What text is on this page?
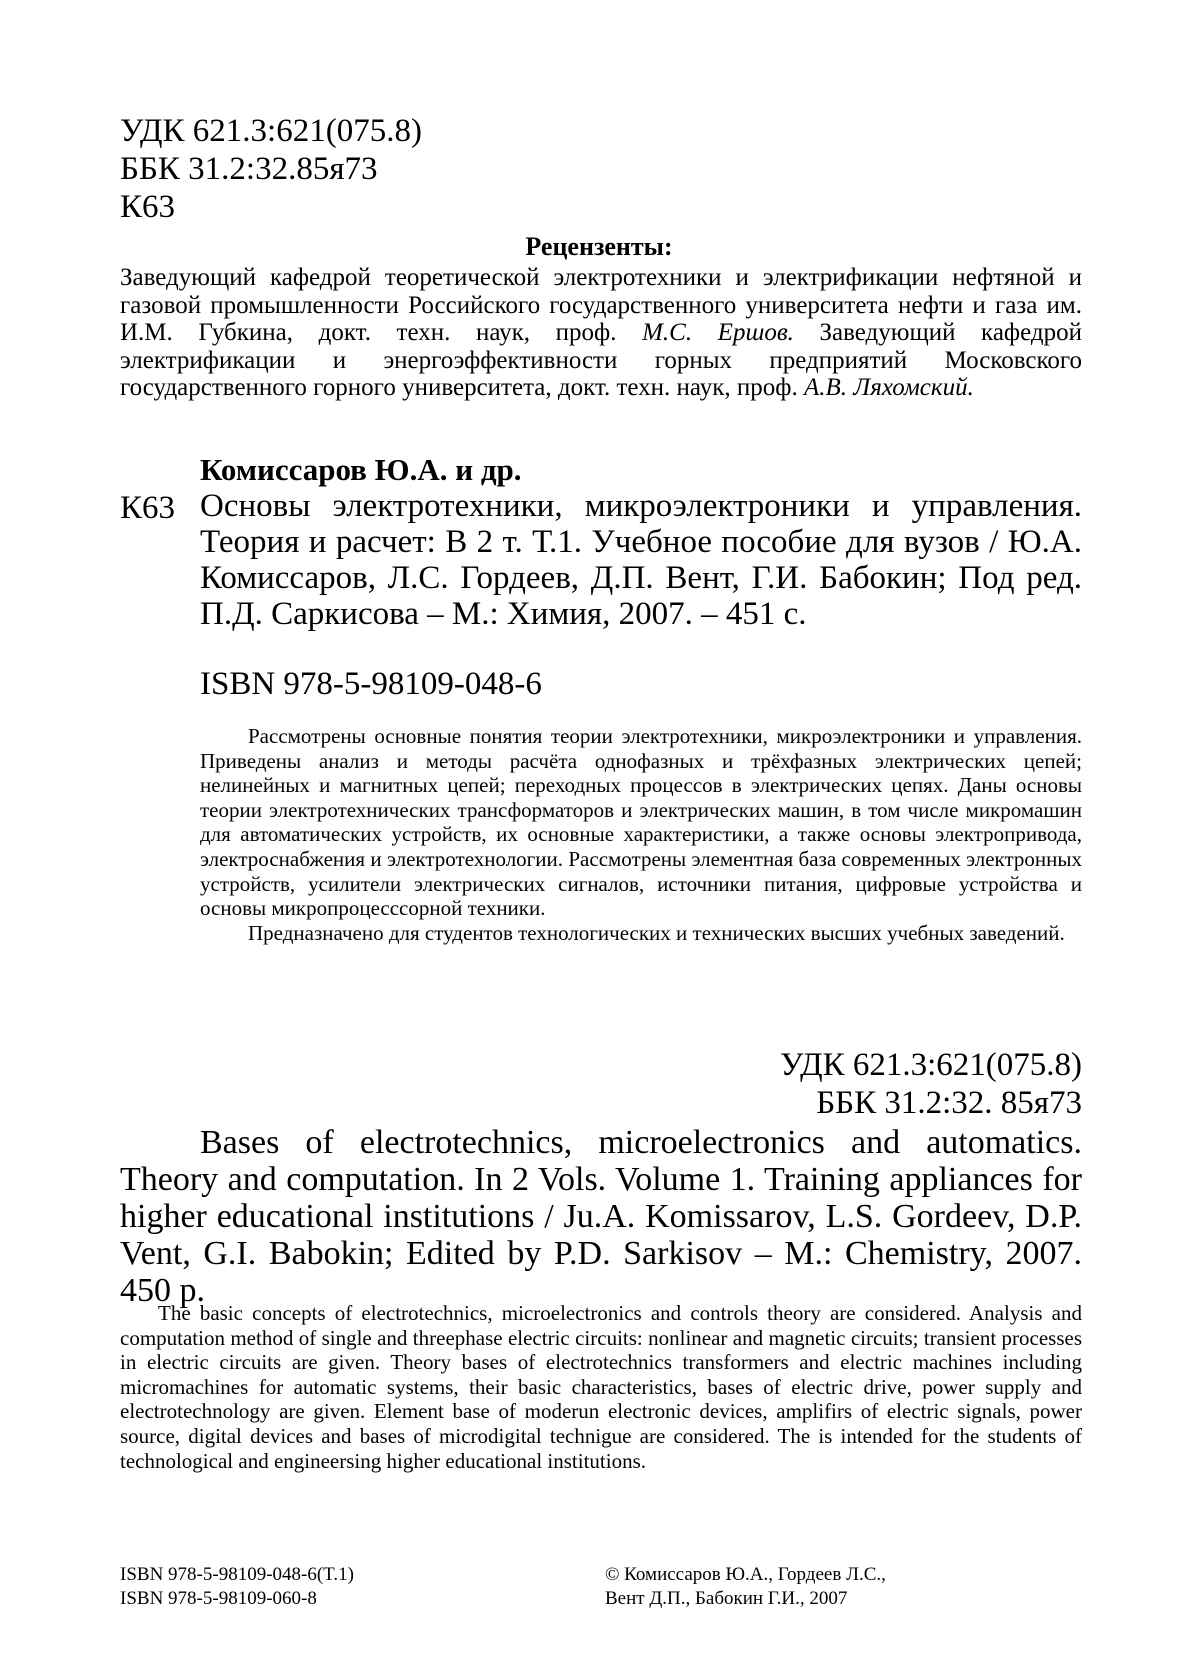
УДК 621.3:621(075.8)
ББК 31.2:32.85я73
К63
Рецензенты:
Заведующий кафедрой теоретической электротехники и электрификации нефтяной и газовой промышленности Российского государственного университета нефти и газа им. И.М. Губкина, докт. техн. наук, проф. М.С. Ершов. Заведующий кафедрой электрификации и энергоэффективности горных предприятий Московского государственного горного университета, докт. техн. наук, проф. А.В. Ляхомский.
Комиссаров Ю.А. и др.
К63 Основы электротехники, микроэлектроники и управления. Теория и расчет: В 2 т. Т.1. Учебное пособие для вузов / Ю.А. Комиссаров, Л.С. Гордеев, Д.П. Вент, Г.И. Бабокин; Под ред. П.Д. Саркисова – М.: Химия, 2007. – 451 с.
ISBN 978-5-98109-048-6

Рассмотрены основные понятия теории электротехники, микроэлектроники и управления. Приведены анализ и методы расчёта однофазных и трёхфазных электрических цепей; нелинейных и магнитных цепей; переходных процессов в электрических цепях. Даны основы теории электротехнических трансформаторов и электрических машин, в том числе микромашин для автоматических устройств, их основные характеристики, а также основы электропривода, электроснабжения и электротехнологии. Рассмотрены элементная база современных электронных устройств, усилители электрических сигналов, источники питания, цифровые устройства и основы микропроцесссорной техники.

Предназначено для студентов технологических и технических высших учебных заведений.

УДК 621.3:621(075.8)
ББК 31.2:32. 85я73

Bases of electrotechnics, microelectronics and automatics. Theory and computation. In 2 Vols. Volume 1. Training appliances for higher educational institutions / Ju.A. Komissarov, L.S. Gordeev, D.P. Vent, G.I. Babokin; Edited by P.D. Sarkisov – M.: Chemistry, 2007. 450 p.

The basic concepts of electrotechnics, microelectronics and controls theory are considered. Analysis and computation method of single and threephase electric circuits: nonlinear and magnetic circuits; transient processes in electric circuits are given. Theory bases of electrotechnics transformers and electric machines including micromachines for automatic systems, their basic characteristics, bases of electric drive, power supply and electrotechnology are given. Element base of moderun electronic devices, amplifirs of electric signals, power source, digital devices and bases of microdigital technigue are considered. The is intended for the students of technological and engineersing higher educational institutions.

ISBN 978-5-98109-048-6(T.1)
ISBN 978-5-98109-060-8
© Комиссаров Ю.А., Гордеев Л.С.,
Вент Д.П., Бабокин Г.И., 2007
